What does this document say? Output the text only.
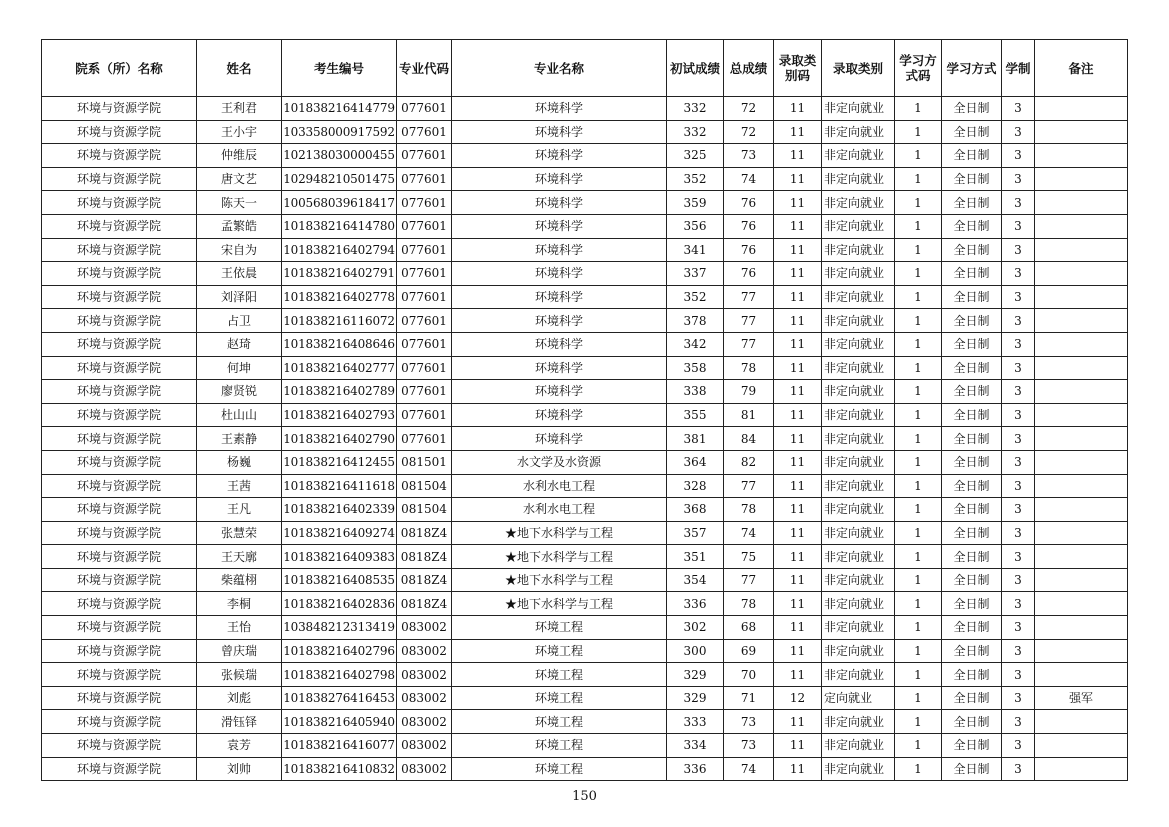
院系（所）名称	姓名	考生编号	专业代码	专业名称	初试成绩	总成绩	录取类别码	录取类别	学习方式码	学习方式	学制	备注
环境与资源学院	王利君	101838216414779	077601	环境科学	332	72	11	非定向就业	1	全日制	3	
环境与资源学院	王小宇	103358000917592	077601	环境科学	332	72	11	非定向就业	1	全日制	3	
环境与资源学院	仲维辰	102138030000455	077601	环境科学	325	73	11	非定向就业	1	全日制	3	
环境与资源学院	唐文艺	102948210501475	077601	环境科学	352	74	11	非定向就业	1	全日制	3	
环境与资源学院	陈天一	100568039618417	077601	环境科学	359	76	11	非定向就业	1	全日制	3	
环境与资源学院	孟繁皓	101838216414780	077601	环境科学	356	76	11	非定向就业	1	全日制	3	
环境与资源学院	宋自为	101838216402794	077601	环境科学	341	76	11	非定向就业	1	全日制	3	
环境与资源学院	王依晨	101838216402791	077601	环境科学	337	76	11	非定向就业	1	全日制	3	
环境与资源学院	刘泽阳	101838216402778	077601	环境科学	352	77	11	非定向就业	1	全日制	3	
环境与资源学院	占卫	101838216116072	077601	环境科学	378	77	11	非定向就业	1	全日制	3	
环境与资源学院	赵琦	101838216408646	077601	环境科学	342	77	11	非定向就业	1	全日制	3	
环境与资源学院	何坤	101838216402777	077601	环境科学	358	78	11	非定向就业	1	全日制	3	
环境与资源学院	廖贤锐	101838216402789	077601	环境科学	338	79	11	非定向就业	1	全日制	3	
环境与资源学院	杜山山	101838216402793	077601	环境科学	355	81	11	非定向就业	1	全日制	3	
环境与资源学院	王素静	101838216402790	077601	环境科学	381	84	11	非定向就业	1	全日制	3	
环境与资源学院	杨巍	101838216412455	081501	水文学及水资源	364	82	11	非定向就业	1	全日制	3	
环境与资源学院	王茜	101838216411618	081504	水利水电工程	328	77	11	非定向就业	1	全日制	3	
环境与资源学院	王凡	101838216402339	081504	水利水电工程	368	78	11	非定向就业	1	全日制	3	
环境与资源学院	张慧荣	101838216409274	0818Z4	★地下水科学与工程	357	74	11	非定向就业	1	全日制	3	
环境与资源学院	王天廓	101838216409383	0818Z4	★地下水科学与工程	351	75	11	非定向就业	1	全日制	3	
环境与资源学院	柴蕴栩	101838216408535	0818Z4	★地下水科学与工程	354	77	11	非定向就业	1	全日制	3	
环境与资源学院	李桐	101838216402836	0818Z4	★地下水科学与工程	336	78	11	非定向就业	1	全日制	3	
环境与资源学院	王怡	103848212313419	083002	环境工程	302	68	11	非定向就业	1	全日制	3	
环境与资源学院	曾庆瑞	101838216402796	083002	环境工程	300	69	11	非定向就业	1	全日制	3	
环境与资源学院	张候瑞	101838216402798	083002	环境工程	329	70	11	非定向就业	1	全日制	3	
环境与资源学院	刘彪	101838276416453	083002	环境工程	329	71	12	定向就业	1	全日制	3	强军
环境与资源学院	滑钰铎	101838216405940	083002	环境工程	333	73	11	非定向就业	1	全日制	3	
环境与资源学院	袁芳	101838216416077	083002	环境工程	334	73	11	非定向就业	1	全日制	3	
环境与资源学院	刘帅	101838216410832	083002	环境工程	336	74	11	非定向就业	1	全日制	3	
150
